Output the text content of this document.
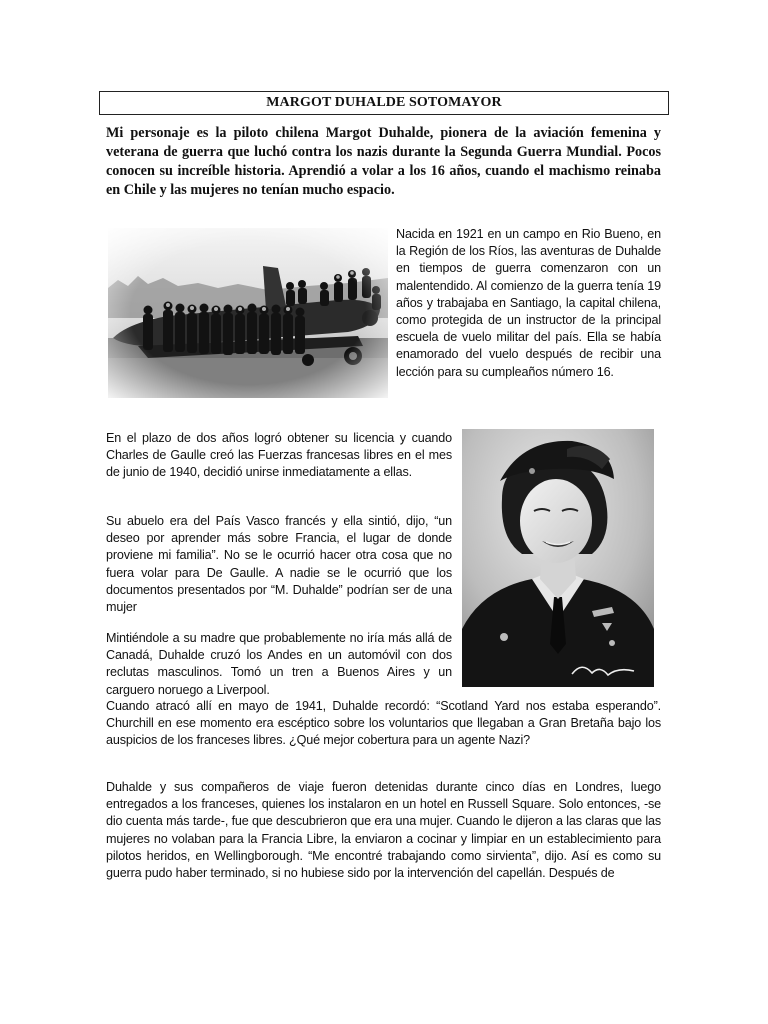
MARGOT DUHALDE SOTOMAYOR

Mi personaje es la piloto chilena Margot Duhalde, pionera de la aviación femenina y veterana de guerra que luchó contra los nazis durante la Segunda Guerra Mundial. Pocos conocen su increíble historia. Aprendió a volar a los 16 años, cuando el machismo reinaba en Chile y las mujeres no tenían mucho espacio.

Nacida en 1921 en un campo en Rio Bueno, en la Región de los Ríos, las aventuras de Duhalde en tiempos de guerra comenzaron con un malentendido. Al comienzo de la guerra tenía 19 años y trabajaba en Santiago, la capital chilena, como protegida de un instructor de la principal escuela de vuelo militar del país. Ella se había enamorado del vuelo después de recibir una lección para su cumpleaños número 16.

En el plazo de dos años logró obtener su licencia y cuando Charles de Gaulle creó las Fuerzas francesas libres en el mes de junio de 1940, decidió unirse inmediatamente a ellas.

Su abuelo era del País Vasco francés y ella sintió, dijo, “un deseo por aprender más sobre Francia, el lugar de donde proviene mi familia”. No se le ocurrió hacer otra cosa que no fuera volar para De Gaulle. A nadie se le ocurrió que los documentos presentados por “M. Duhalde” podrían ser de una mujer

Mintiéndole a su madre que probablemente no iría más allá de Canadá, Duhalde cruzó los Andes en un automóvil con dos reclutas masculinos. Tomó un tren a Buenos Aires y un carguero noruego a Liverpool.

Cuando atracó allí en mayo de 1941, Duhalde recordó: “Scotland Yard nos estaba esperando”. Churchill en ese momento era escéptico sobre los voluntarios que llegaban a Gran Bretaña bajo los auspicios de los franceses libres. ¿Qué mejor cobertura para un agente Nazi?

Duhalde y sus compañeros de viaje fueron detenidas durante cinco días en Londres, luego entregados a los franceses, quienes los instalaron en un hotel en Russell Square. Solo entonces, -se dio cuenta más tarde-, fue que descubrieron que era una mujer. Cuando le dijeron a las claras que las mujeres no volaban para la Francia Libre, la enviaron a cocinar y limpiar en un establecimiento para pilotos heridos, en Wellingborough. “Me encontré trabajando como sirvienta”, dijo. Así es como su guerra pudo haber terminado, si no hubiese sido por la intervención del capellán. Después de
